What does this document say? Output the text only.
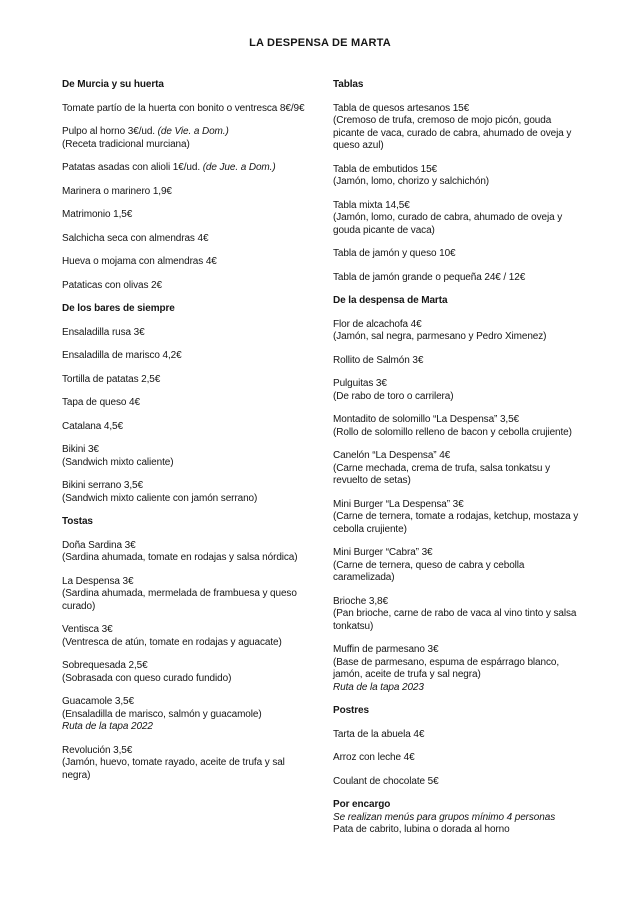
LA DESPENSA DE MARTA
De Murcia y su huerta
Tomate partío de la huerta con bonito o ventresca 8€/9€
Pulpo al horno 3€/ud. (de Vie. a Dom.)
(Receta tradicional murciana)
Patatas asadas con alioli 1€/ud. (de Jue. a Dom.)
Marinera o marinero 1,9€
Matrimonio 1,5€
Salchicha seca con almendras 4€
Hueva o mojama con almendras 4€
Pataticas con olivas 2€
De los bares de siempre
Ensaladilla rusa 3€
Ensaladilla de marisco 4,2€
Tortilla de patatas 2,5€
Tapa de queso 4€
Catalana 4,5€
Bikini 3€
(Sandwich mixto caliente)
Bikini serrano 3,5€
(Sandwich mixto caliente con jamón serrano)
Tostas
Doña Sardina 3€
(Sardina ahumada, tomate en rodajas y salsa nórdica)
La Despensa 3€
(Sardina ahumada, mermelada de frambuesa y queso
curado)
Ventisca 3€
(Ventresca de atún, tomate en rodajas y aguacate)
Sobrequesada 2,5€
(Sobrasada con queso curado fundido)
Guacamole 3,5€
(Ensaladilla de marisco, salmón y guacamole)
Ruta de la tapa 2022
Revolución 3,5€
(Jamón, huevo, tomate rayado, aceite de trufa y sal
negra)
Tablas
Tabla de quesos artesanos 15€
(Cremoso de trufa, cremoso de mojo picón, gouda
picante de vaca, curado de cabra, ahumado de oveja y
queso azul)
Tabla de embutidos 15€
(Jamón, lomo, chorizo y salchichón)
Tabla mixta 14,5€
(Jamón, lomo, curado de cabra, ahumado de oveja y
gouda picante de vaca)
Tabla de jamón y queso 10€
Tabla de jamón grande o pequeña 24€ / 12€
De la despensa de Marta
Flor de alcachofa 4€
(Jamón, sal negra, parmesano y Pedro Ximenez)
Rollito de Salmón 3€
Pulguitas 3€
(De rabo de toro o carrilera)
Montadito de solomillo “La Despensa” 3,5€
(Rollo de solomillo relleno de bacon y cebolla crujiente)
Canelón “La Despensa” 4€
(Carne mechada, crema de trufa, salsa tonkatsu y
revuelto de setas)
Mini Burger “La Despensa” 3€
(Carne de ternera, tomate a rodajas, ketchup, mostaza y
cebolla crujiente)
Mini Burger “Cabra” 3€
(Carne de ternera, queso de cabra y cebolla
caramelizada)
Brioche 3,8€
(Pan brioche, carne de rabo de vaca al vino tinto y salsa
tonkatsu)
Muffin de parmesano 3€
(Base de parmesano, espuma de espárrago blanco,
jamón, aceite de trufa y sal negra)
Ruta de la tapa 2023
Postres
Tarta de la abuela 4€
Arroz con leche 4€
Coulant de chocolate 5€
Por encargo
Se realizan menús para grupos mínimo 4 personas
Pata de cabrito, lubina o dorada al horno
